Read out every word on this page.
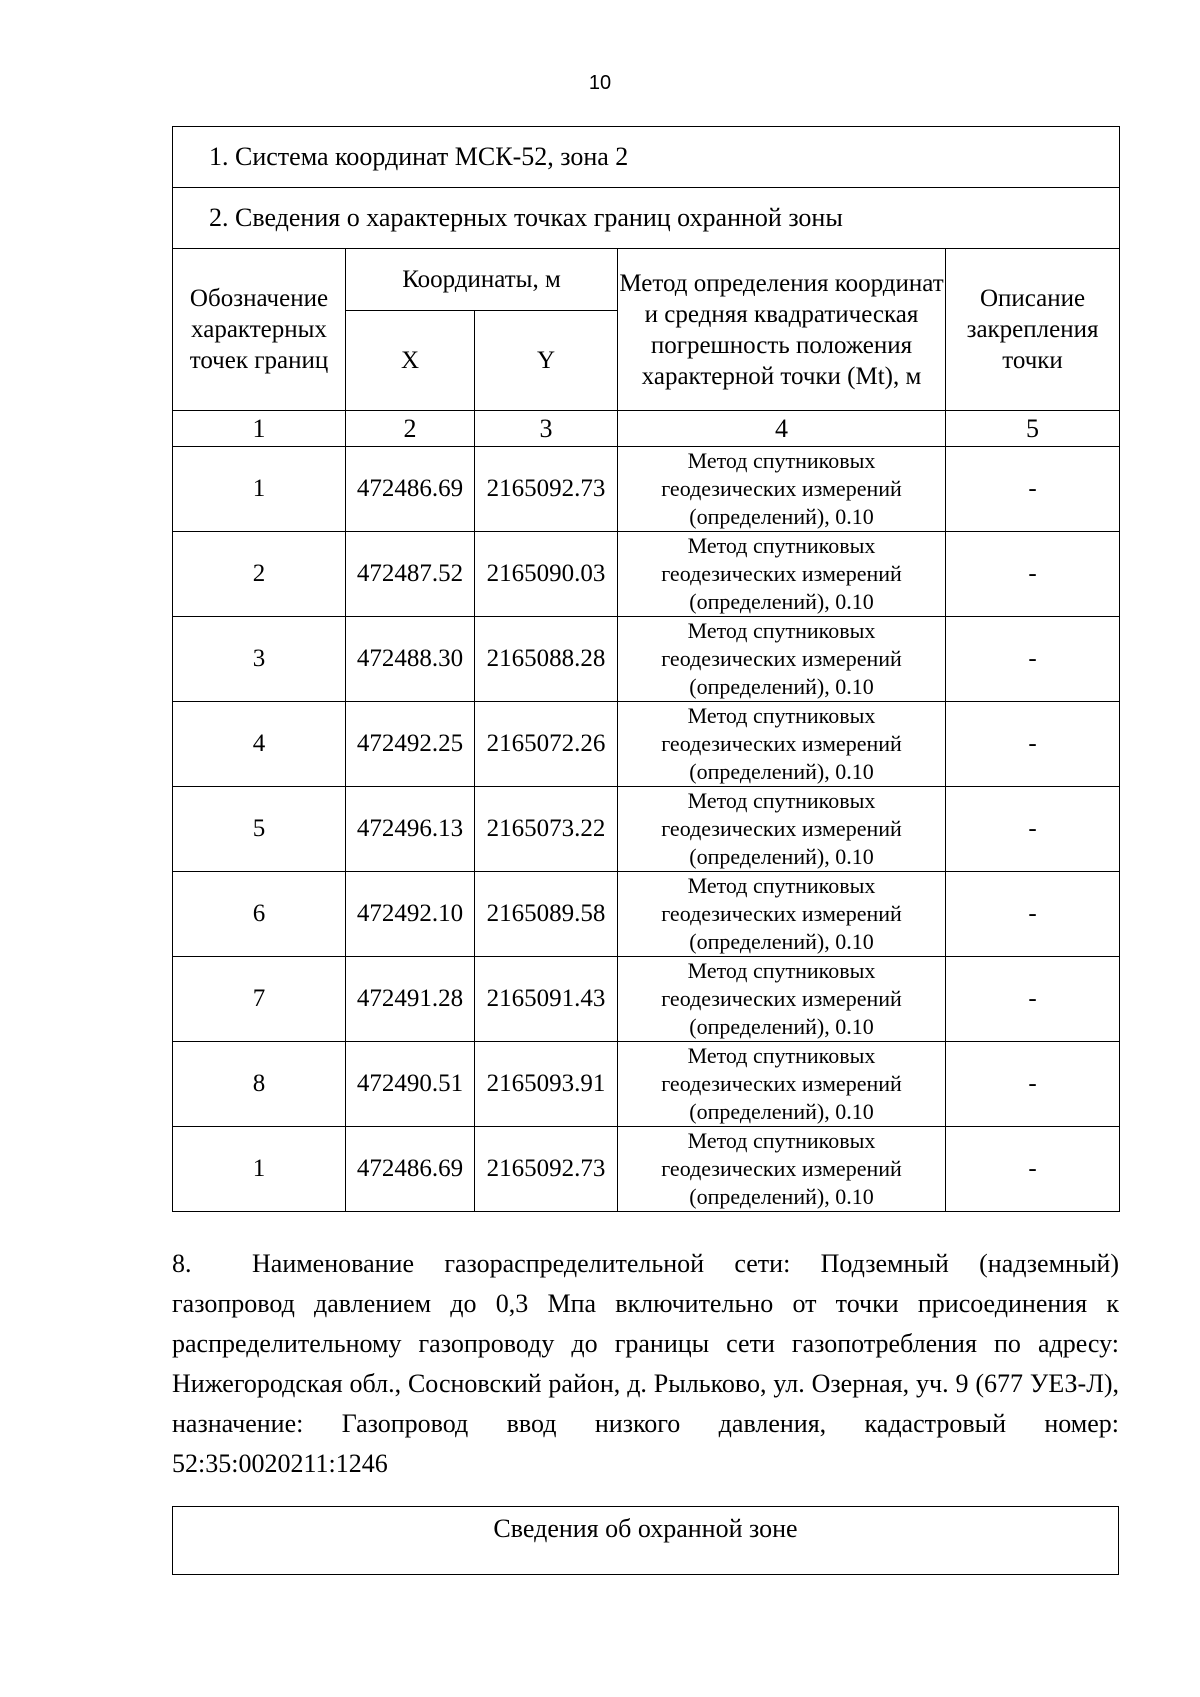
10
1. Система координат МСК-52, зона 2				
2. Сведения о характерных точках границ охранной зоны				
Обозначение характерных точек границ	Координаты, м		Метод определения координат и средняя квадратическая погрешность положения характерной точки (Mt), м	Описание закрепления точки
	X	Y		
1	2	3	4	5
1	472486.69	2165092.73	Метод спутниковых геодезических измерений (определений), 0.10	-
2	472487.52	2165090.03	Метод спутниковых геодезических измерений (определений), 0.10	-
3	472488.30	2165088.28	Метод спутниковых геодезических измерений (определений), 0.10	-
4	472492.25	2165072.26	Метод спутниковых геодезических измерений (определений), 0.10	-
5	472496.13	2165073.22	Метод спутниковых геодезических измерений (определений), 0.10	-
6	472492.10	2165089.58	Метод спутниковых геодезических измерений (определений), 0.10	-
7	472491.28	2165091.43	Метод спутниковых геодезических измерений (определений), 0.10	-
8	472490.51	2165093.91	Метод спутниковых геодезических измерений (определений), 0.10	-
1	472486.69	2165092.73	Метод спутниковых геодезических измерений (определений), 0.10	-

8. Наименование газораспределительной сети: Подземный (надземный) газопровод давлением до 0,3 Мпа включительно от точки присоединения к распределительному газопроводу до границы сети газопотребления по адресу: Нижегородская обл., Сосновский район, д. Рыльково, ул. Озерная, уч. 9 (677 УЕЗ-Л), назначение: Газопровод ввод низкого давления, кадастровый номер: 52:35:0020211:1246

Сведения об охранной зоне
